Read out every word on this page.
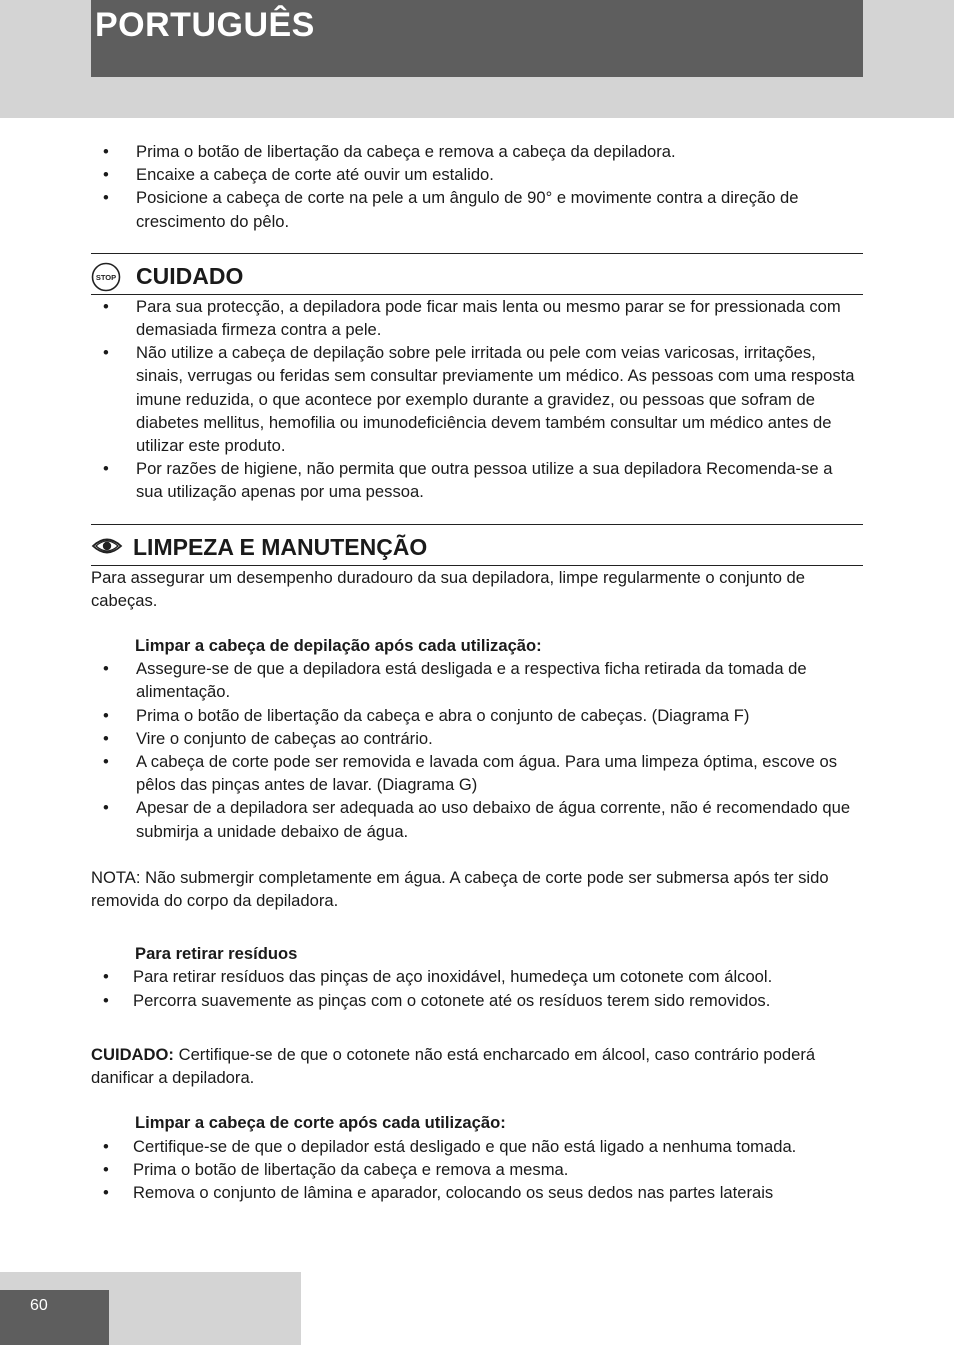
PORTUGUÊS
• Prima o botão de libertação da cabeça e remova a cabeça da depiladora.
• Encaixe a cabeça de corte até ouvir um estalido.
• Posicione a cabeça de corte na pele a um ângulo de 90° e movimente contra a direção de crescimento do pêlo.
STOP CUIDADO
• Para sua protecção, a depiladora pode ficar mais lenta ou mesmo parar se for pressionada com demasiada firmeza contra a pele.
• Não utilize a cabeça de depilação sobre pele irritada ou pele com veias varicosas, irritações, sinais, verrugas ou feridas sem consultar previamente um médico. As pessoas com uma resposta imune reduzida, o que acontece por exemplo durante a gravidez, ou pessoas que sofram de diabetes mellitus, hemofilia ou imunodeficiência devem também consultar um médico antes de utilizar este produto.
• Por razões de higiene, não permita que outra pessoa utilize a sua depiladora Recomenda-se a sua utilização apenas por uma pessoa.
LIMPEZA E MANUTENÇÃO

Para assegurar um desempenho duradouro da sua depiladora, limpe regularmente o conjunto de cabeças.

Limpar a cabeça de depilação após cada utilização:

• Assegure-se de que a depiladora está desligada e a respectiva ficha retirada da tomada de alimentação.
• Prima o botão de libertação da cabeça e abra o conjunto de cabeças. (Diagrama F)
• Vire o conjunto de cabeças ao contrário.
• A cabeça de corte pode ser removida e lavada com água. Para uma limpeza óptima, escove os pêlos das pinças antes de lavar. (Diagrama G)
• Apesar de a depiladora ser adequada ao uso debaixo de água corrente, não é recomendado que submirja a unidade debaixo de água.

NOTA: Não submergir completamente em água. A cabeça de corte pode ser submersa após ter sido removida do corpo da depiladora.

Para retirar resíduos

• Para retirar resíduos das pinças de aço inoxidável, humedeça um cotonete com álcool.
• Percorra suavemente as pinças com o cotonete até os resíduos terem sido removidos.

CUIDADO: Certifique-se de que o cotonete não está encharcado em álcool, caso contrário poderá danificar a depiladora.

Limpar a cabeça de corte após cada utilização:

• Certifique-se de que o depilador está desligado e que não está ligado a nenhuma tomada.
• Prima o botão de libertação da cabeça e remova a mesma.
• Remova o conjunto de lâmina e aparador, colocando os seus dedos nas partes laterais
60
